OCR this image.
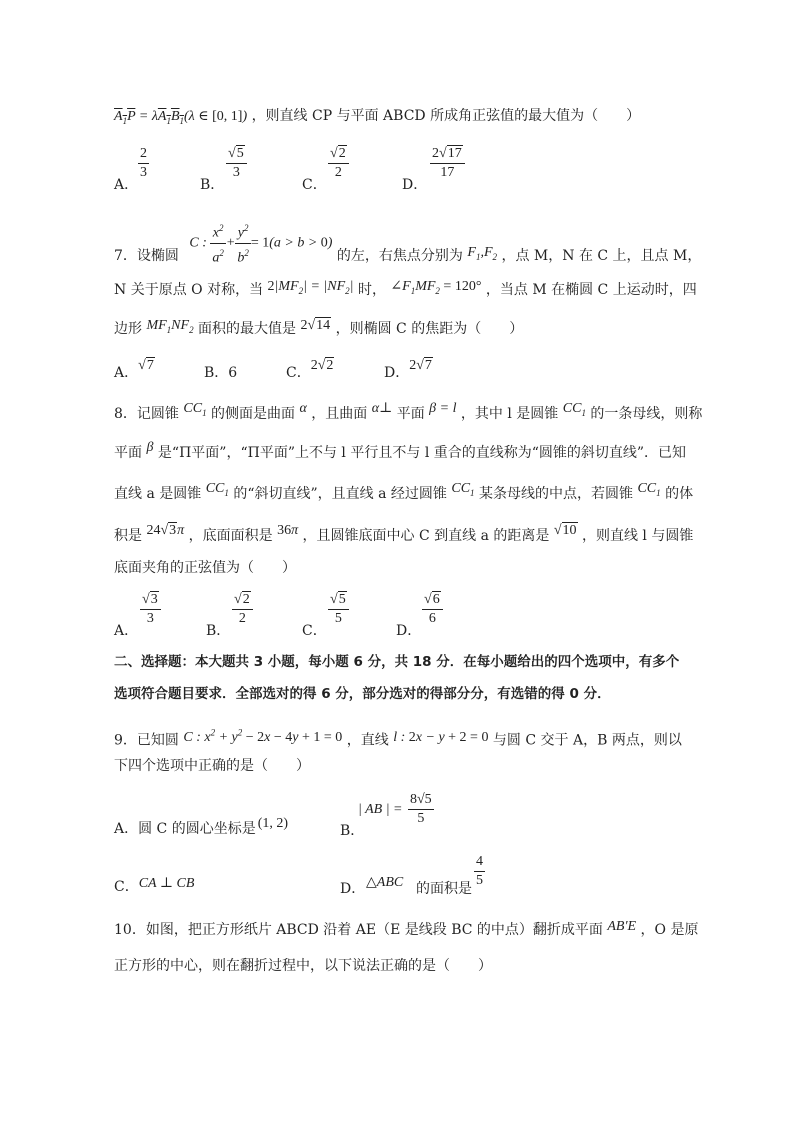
$A_1P = \lambda A_1B_1(\lambda$ ∈ [0, 1]) ，则直线 CP 与平面 ABCD 所成角正弦值的最大值为（　　）
A．
$\frac{2}{3}$
B．
$\frac{√5}{3}$
C．
$\frac{√2}{2}$
D．
$\frac{2√17}{17}$
7．设椭圆 C : $\frac{x^2}{a^2} + \frac{y^2}{b^2} = 1(a > b > 0)$ 的左，右焦点分别为 $F_1,F_2$ ，点 M，N 在 C 上，且点 M，
N 关于原点 O 对称，当 $2|MF_2| = |NF_2|$ 时， $\angle F_1MF_2 = 120^\circ$ ，当点 M 在椭圆 C 上运动时，四
边形 $MF_1NF_2$ 面积的最大值是 2√14 ，则椭圆 C 的焦距为（　　）
A．√7	B．6	C．2√2	D．2√7
8．记圆锥 $CC_1$ 的侧面是曲面 α ，且曲面 α⊥ 平面 β = l ，其中 l 是圆锥 $CC_1$ 的一条母线，则称
平面 β 是“Π平面”，“Π平面”上不与 l 平行且不与 l 重合的直线称为“圆锥的斜切直线”．已知
直线 a 是圆锥 $CC_1$ 的“斜切直线”，且直线 a 经过圆锥 $CC_1$ 某条母线的中点，若圆锥 $CC_1$ 的体
积是 24√3π ，底面面积是 36π ，且圆锥底面中心 C 到直线 a 的距离是 √10 ，则直线 l 与圆锥
底面夹角的正弦值为（　　）
A．
$\frac{√3}{3}$
B．
$\frac{√2}{2}$
C．
$\frac{√5}{5}$
D．
$\frac{√6}{6}$
二、选择题：本大题共 3 小题，每小题 6 分，共 18 分．在每小题给出的四个选项中，有多个
选项符合题目要求．全部选对的得 6 分，部分选对的得部分分，有选错的得 0 分．
9．已知圆 C : $x^2 + y^2 - 2x - 4y + 1 = 0$ ，直线 l : 2x − y + 2 = 0 与圆 C 交于 A，B 两点，则以
下四个选项中正确的是（　　）
A．圆 C 的圆心坐标是 (1, 2)	B．
| AB | = $\frac{8√5}{5}$
C．CA ⊥ CB	D． △ABC 的面积是 $\frac{4}{5}$
10．如图，把正方形纸片 ABCD 沿着 AE（E 是线段 BC 的中点）翻折成平面 AB′E ，O 是原
正方形的中心，则在翻折过程中，以下说法正确的是（　　）
